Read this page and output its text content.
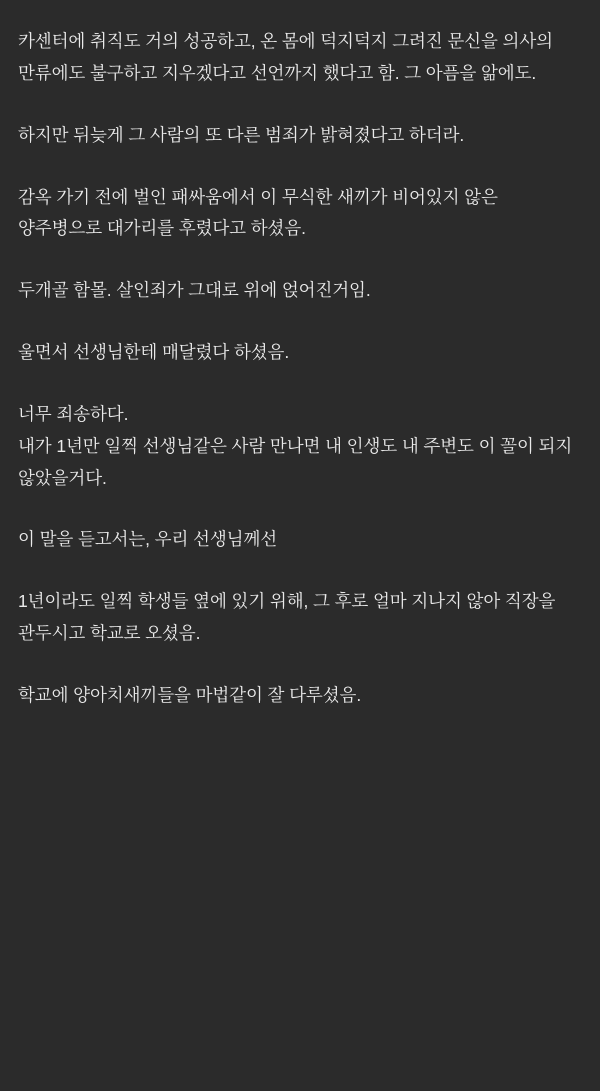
카센터에 취직도 거의 성공하고, 온 몸에 덕지덕지 그려진 문신을 의사의 만류에도 불구하고 지우겠다고 선언까지 했다고 함. 그 아픔을 앎에도.
하지만 뒤늦게 그 사람의 또 다른 범죄가 밝혀졌다고 하더라.
감옥 가기 전에 벌인 패싸움에서 이 무식한 새끼가 비어있지 않은 양주병으로 대가리를 후렸다고 하셨음.
두개골 함몰. 살인죄가 그대로 위에 얹어진거임.
울면서 선생님한테 매달렸다 하셨음.
너무 죄송하다.
내가 1년만 일찍 선생님같은 사람 만나면 내 인생도 내 주변도 이 꼴이 되지 않았을거다.
이 말을 듣고서는, 우리 선생님께선
1년이라도 일찍 학생들 옆에 있기 위해, 그 후로 얼마 지나지 않아 직장을 관두시고 학교로 오셨음.
학교에 양아치새끼들을 마법같이 잘 다루셨음.
